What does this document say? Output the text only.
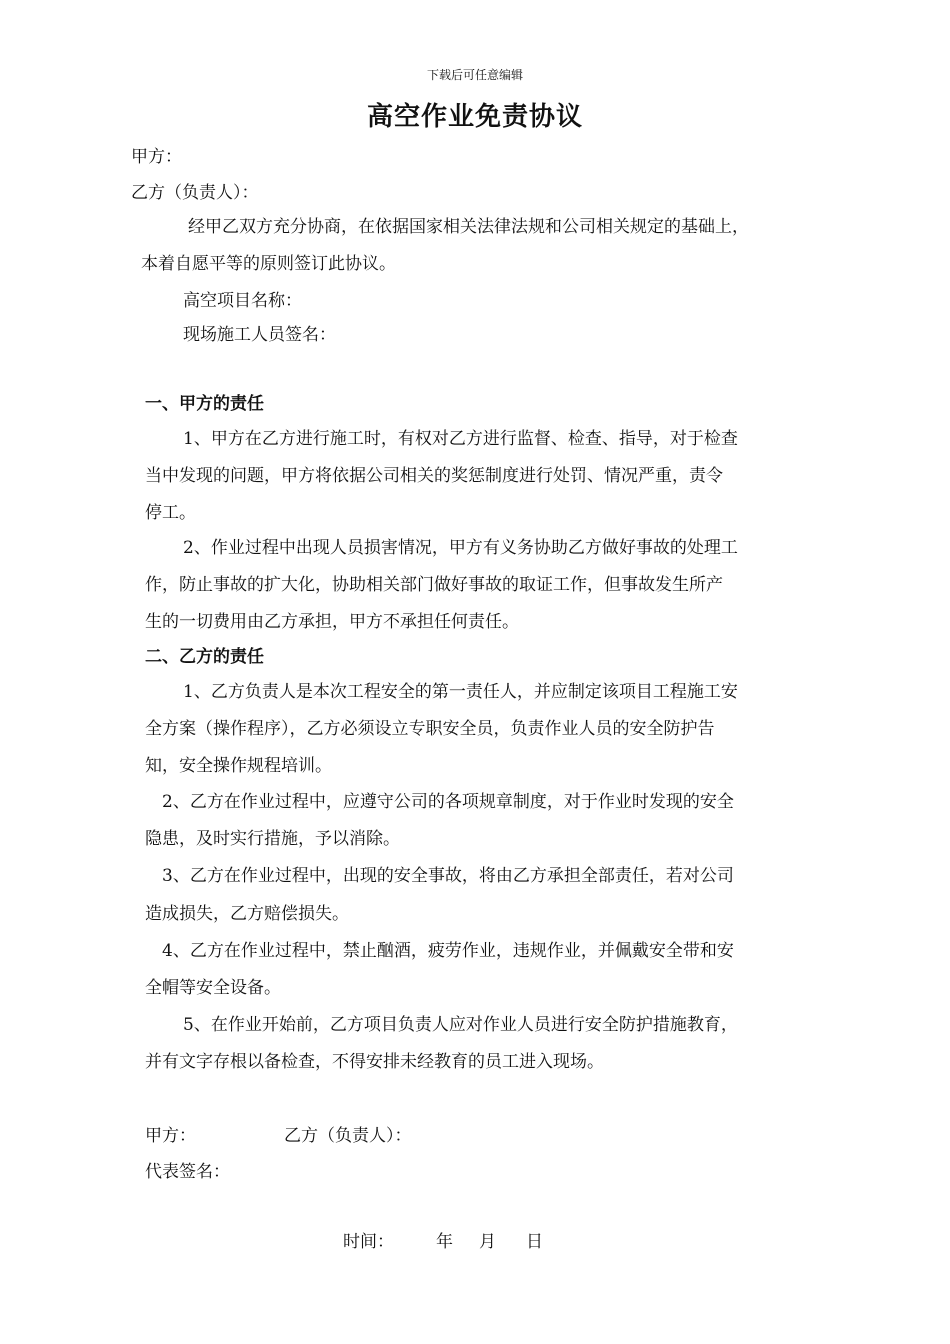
下载后可任意编辑
高空作业免责协议
甲方：
乙方（负责人）：
经甲乙双方充分协商，在依据国家相关法律法规和公司相关规定的基础上，
本着自愿平等的原则签订此协议。
高空项目名称：
现场施工人员签名：
一、甲方的责任
1、甲方在乙方进行施工时，有权对乙方进行监督、检查、指导，对于检查
当中发现的问题，甲方将依据公司相关的奖惩制度进行处罚、情况严重，责令
停工。
2、作业过程中出现人员损害情况，甲方有义务协助乙方做好事故的处理工
作，防止事故的扩大化，协助相关部门做好事故的取证工作，但事故发生所产
生的一切费用由乙方承担，甲方不承担任何责任。
二、乙方的责任
1、乙方负责人是本次工程安全的第一责任人，并应制定该项目工程施工安
全方案（操作程序），乙方必须设立专职安全员，负责作业人员的安全防护告
知，安全操作规程培训。
2、乙方在作业过程中，应遵守公司的各项规章制度，对于作业时发现的安全
隐患，及时实行措施，予以消除。
3、乙方在作业过程中，出现的安全事故，将由乙方承担全部责任，若对公司
造成损失，乙方赔偿损失。
4、乙方在作业过程中，禁止酗酒，疲劳作业，违规作业，并佩戴安全带和安
全帽等安全设备。
5、在作业开始前，乙方项目负责人应对作业人员进行安全防护措施教育，
并有文字存根以备检查，不得安排未经教育的员工进入现场。
甲方：	乙方（负责人）：
代表签名：
时间： 年 月 日
